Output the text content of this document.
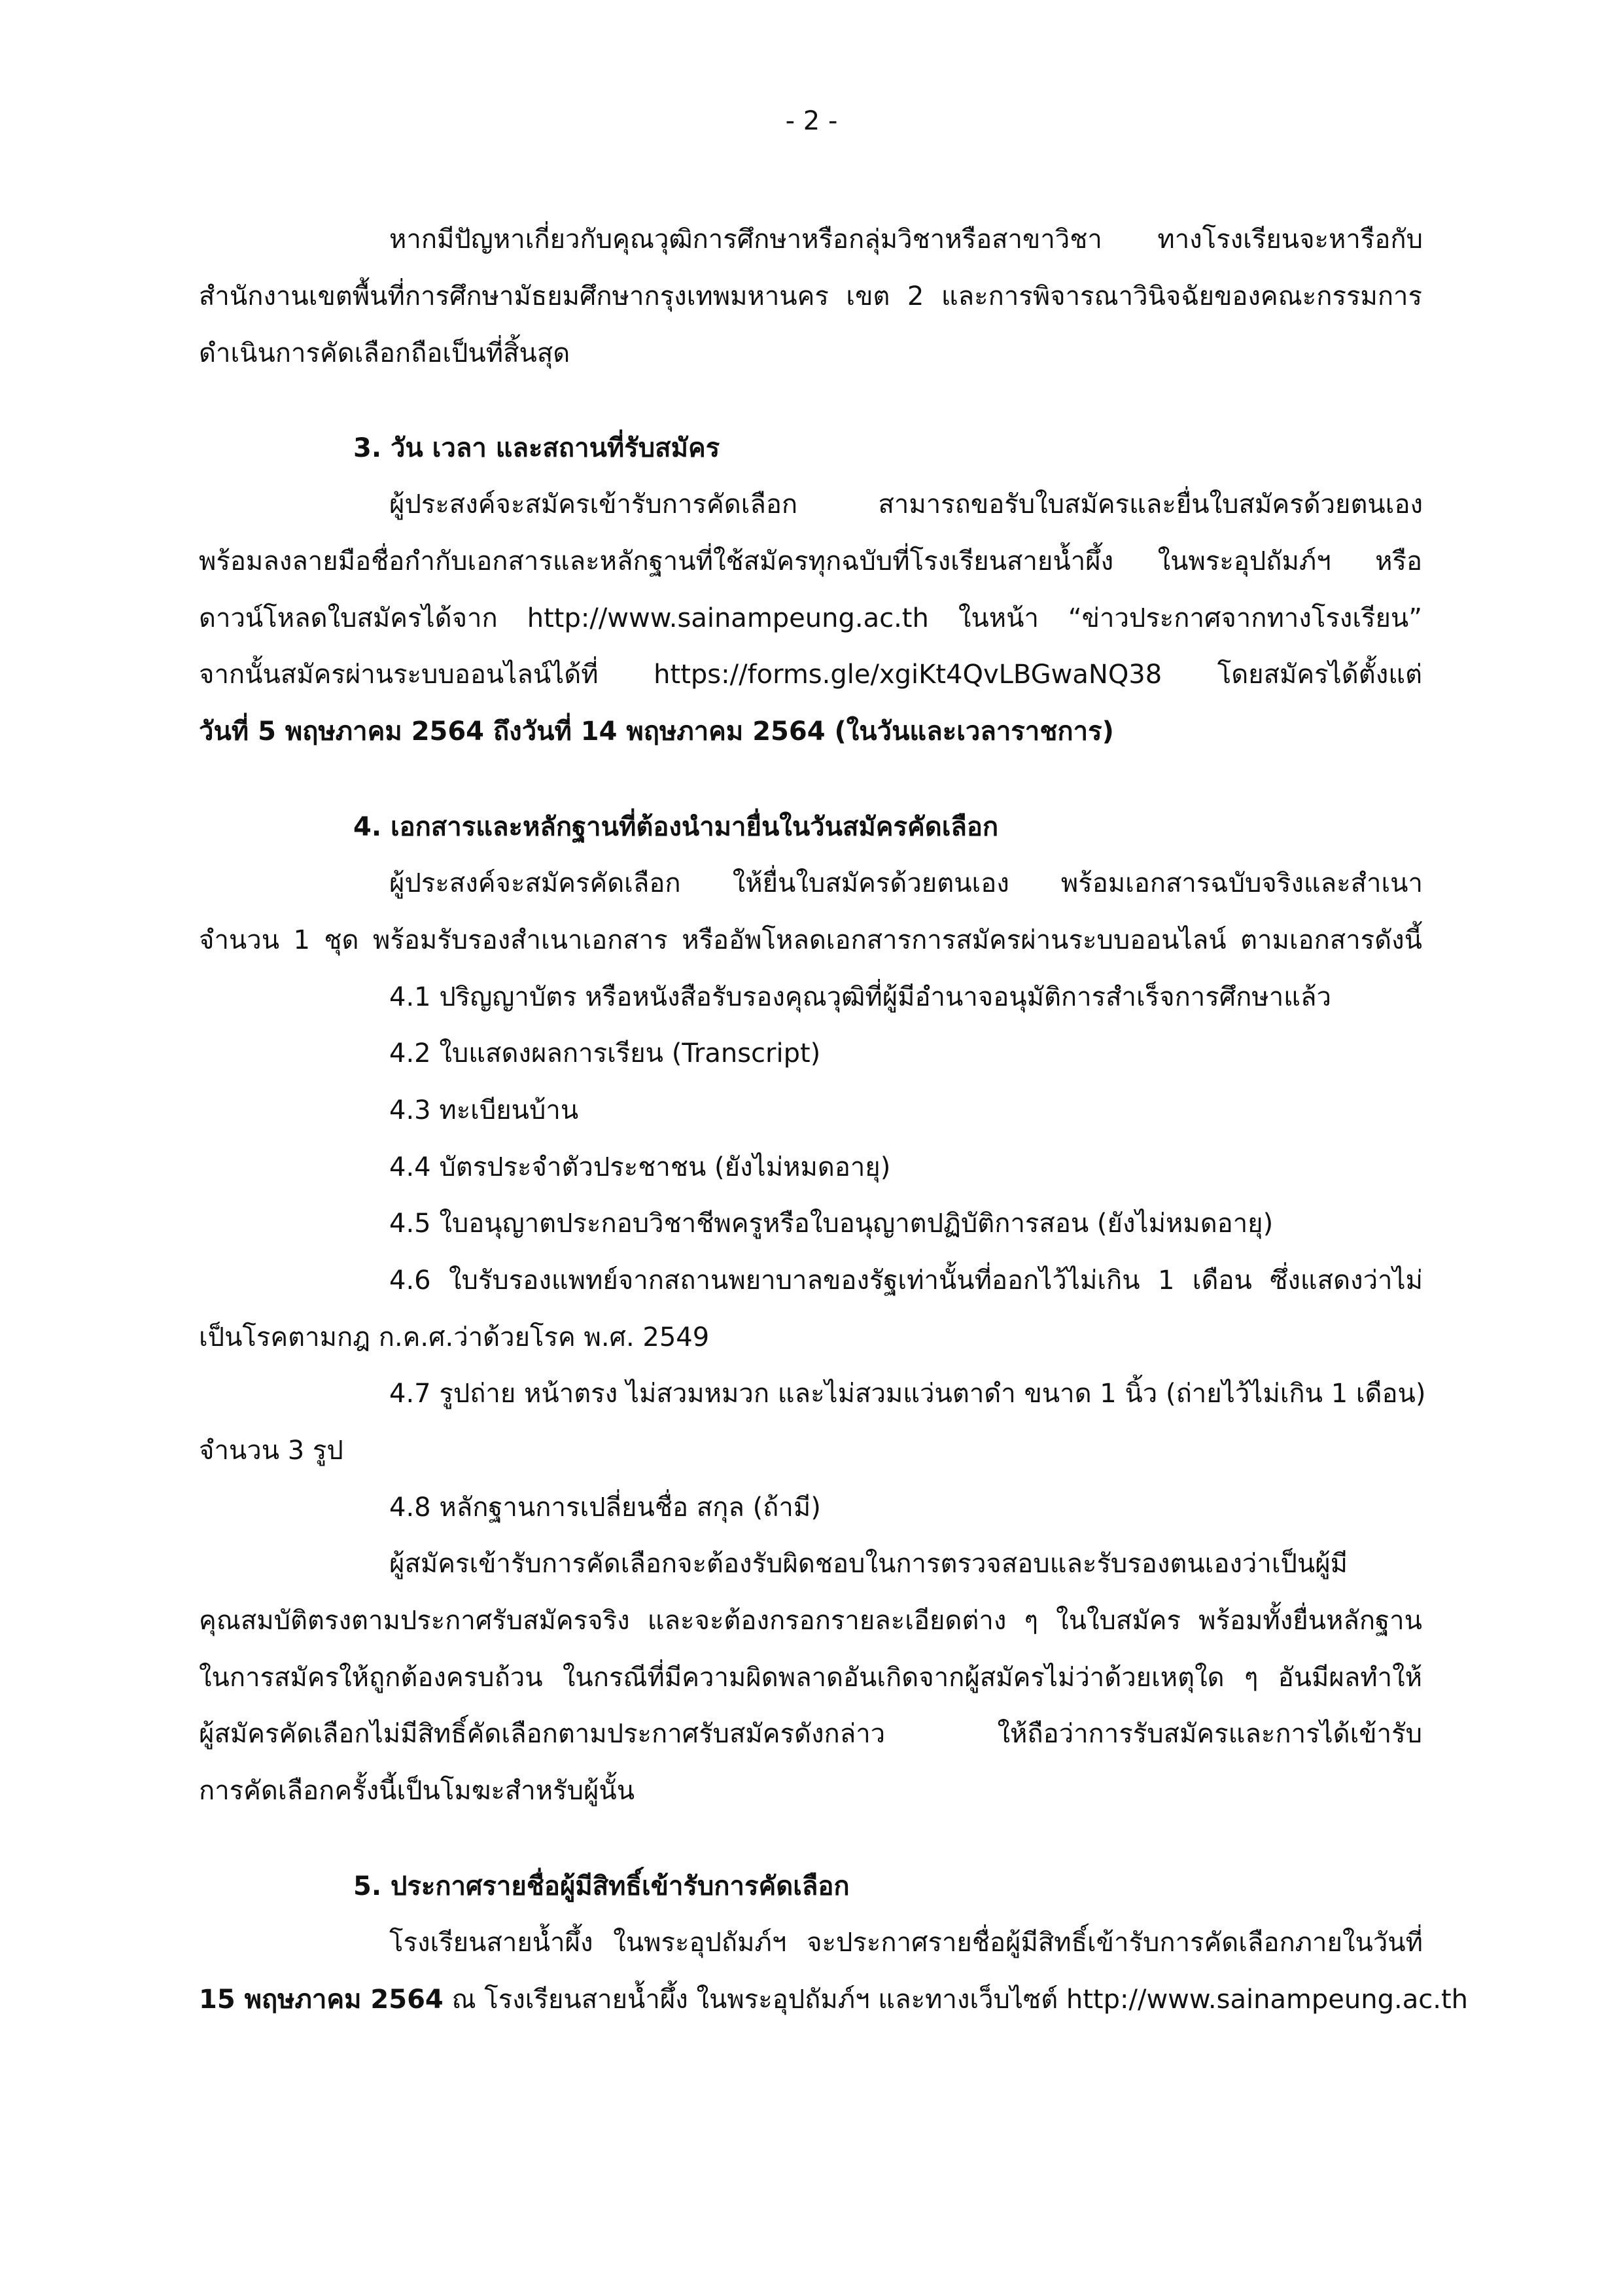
- 2 -
หากมีปัญหาเกี่ยวกับคุณวุฒิการศึกษาหรือกลุ่มวิชาหรือสาขาวิชา ทางโรงเรียนจะหารือกับ
สำนักงานเขตพื้นที่การศึกษามัธยมศึกษากรุงเทพมหานคร เขต 2 และการพิจารณาวินิจฉัยของคณะกรรมการ
ดำเนินการคัดเลือกถือเป็นที่สิ้นสุด
3. วัน เวลา และสถานที่รับสมัคร
ผู้ประสงค์จะสมัครเข้ารับการคัดเลือก สามารถขอรับใบสมัครและยื่นใบสมัครด้วยตนเอง
พร้อมลงลายมือชื่อกำกับเอกสารและหลักฐานที่ใช้สมัครทุกฉบับที่โรงเรียนสายน้ำผึ้ง ในพระอุปถัมภ์ฯ หรือ
ดาวน์โหลดใบสมัครได้จาก http://www.sainampeung.ac.th ในหน้า “ข่าวประกาศจากทางโรงเรียน”
จากนั้นสมัครผ่านระบบออนไลน์ได้ที่ https://forms.gle/xgiKt4QvLBGwaNQ38 โดยสมัครได้ตั้งแต่
วันที่ 5 พฤษภาคม 2564 ถึงวันที่ 14 พฤษภาคม 2564 (ในวันและเวลาราชการ)
4. เอกสารและหลักฐานที่ต้องนำมายื่นในวันสมัครคัดเลือก
ผู้ประสงค์จะสมัครคัดเลือก ให้ยื่นใบสมัครด้วยตนเอง พร้อมเอกสารฉบับจริงและสำเนา
จำนวน 1 ชุด พร้อมรับรองสำเนาเอกสาร หรืออัพโหลดเอกสารการสมัครผ่านระบบออนไลน์ ตามเอกสารดังนี้
4.1 ปริญญาบัตร หรือหนังสือรับรองคุณวุฒิที่ผู้มีอำนาจอนุมัติการสำเร็จการศึกษาแล้ว
4.2 ใบแสดงผลการเรียน (Transcript)
4.3 ทะเบียนบ้าน
4.4 บัตรประจำตัวประชาชน (ยังไม่หมดอายุ)
4.5 ใบอนุญาตประกอบวิชาชีพครูหรือใบอนุญาตปฏิบัติการสอน (ยังไม่หมดอายุ)
4.6 ใบรับรองแพทย์จากสถานพยาบาลของรัฐเท่านั้นที่ออกไว้ไม่เกิน 1 เดือน ซึ่งแสดงว่าไม่
เป็นโรคตามกฎ ก.ค.ศ.ว่าด้วยโรค พ.ศ. 2549
4.7 รูปถ่าย หน้าตรง ไม่สวมหมวก และไม่สวมแว่นตาดำ ขนาด 1 นิ้ว (ถ่ายไว้ไม่เกิน 1 เดือน)
จำนวน 3 รูป
4.8 หลักฐานการเปลี่ยนชื่อ สกุล (ถ้ามี)
ผู้สมัครเข้ารับการคัดเลือกจะต้องรับผิดชอบในการตรวจสอบและรับรองตนเองว่าเป็นผู้มี
คุณสมบัติตรงตามประกาศรับสมัครจริง และจะต้องกรอกรายละเอียดต่าง ๆ ในใบสมัคร พร้อมทั้งยื่นหลักฐาน
ในการสมัครให้ถูกต้องครบถ้วน ในกรณีที่มีความผิดพลาดอันเกิดจากผู้สมัครไม่ว่าด้วยเหตุใด ๆ อันมีผลทำให้
ผู้สมัครคัดเลือกไม่มีสิทธิ์คัดเลือกตามประกาศรับสมัครดังกล่าว ให้ถือว่าการรับสมัครและการได้เข้ารับ
การคัดเลือกครั้งนี้เป็นโมฆะสำหรับผู้นั้น
5. ประกาศรายชื่อผู้มีสิทธิ์เข้ารับการคัดเลือก
โรงเรียนสายน้ำผึ้ง ในพระอุปถัมภ์ฯ จะประกาศรายชื่อผู้มีสิทธิ์เข้ารับการคัดเลือกภายในวันที่
15 พฤษภาคม 2564 ณ โรงเรียนสายน้ำผึ้ง ในพระอุปถัมภ์ฯ และทางเว็บไซต์ http://www.sainampeung.ac.th
